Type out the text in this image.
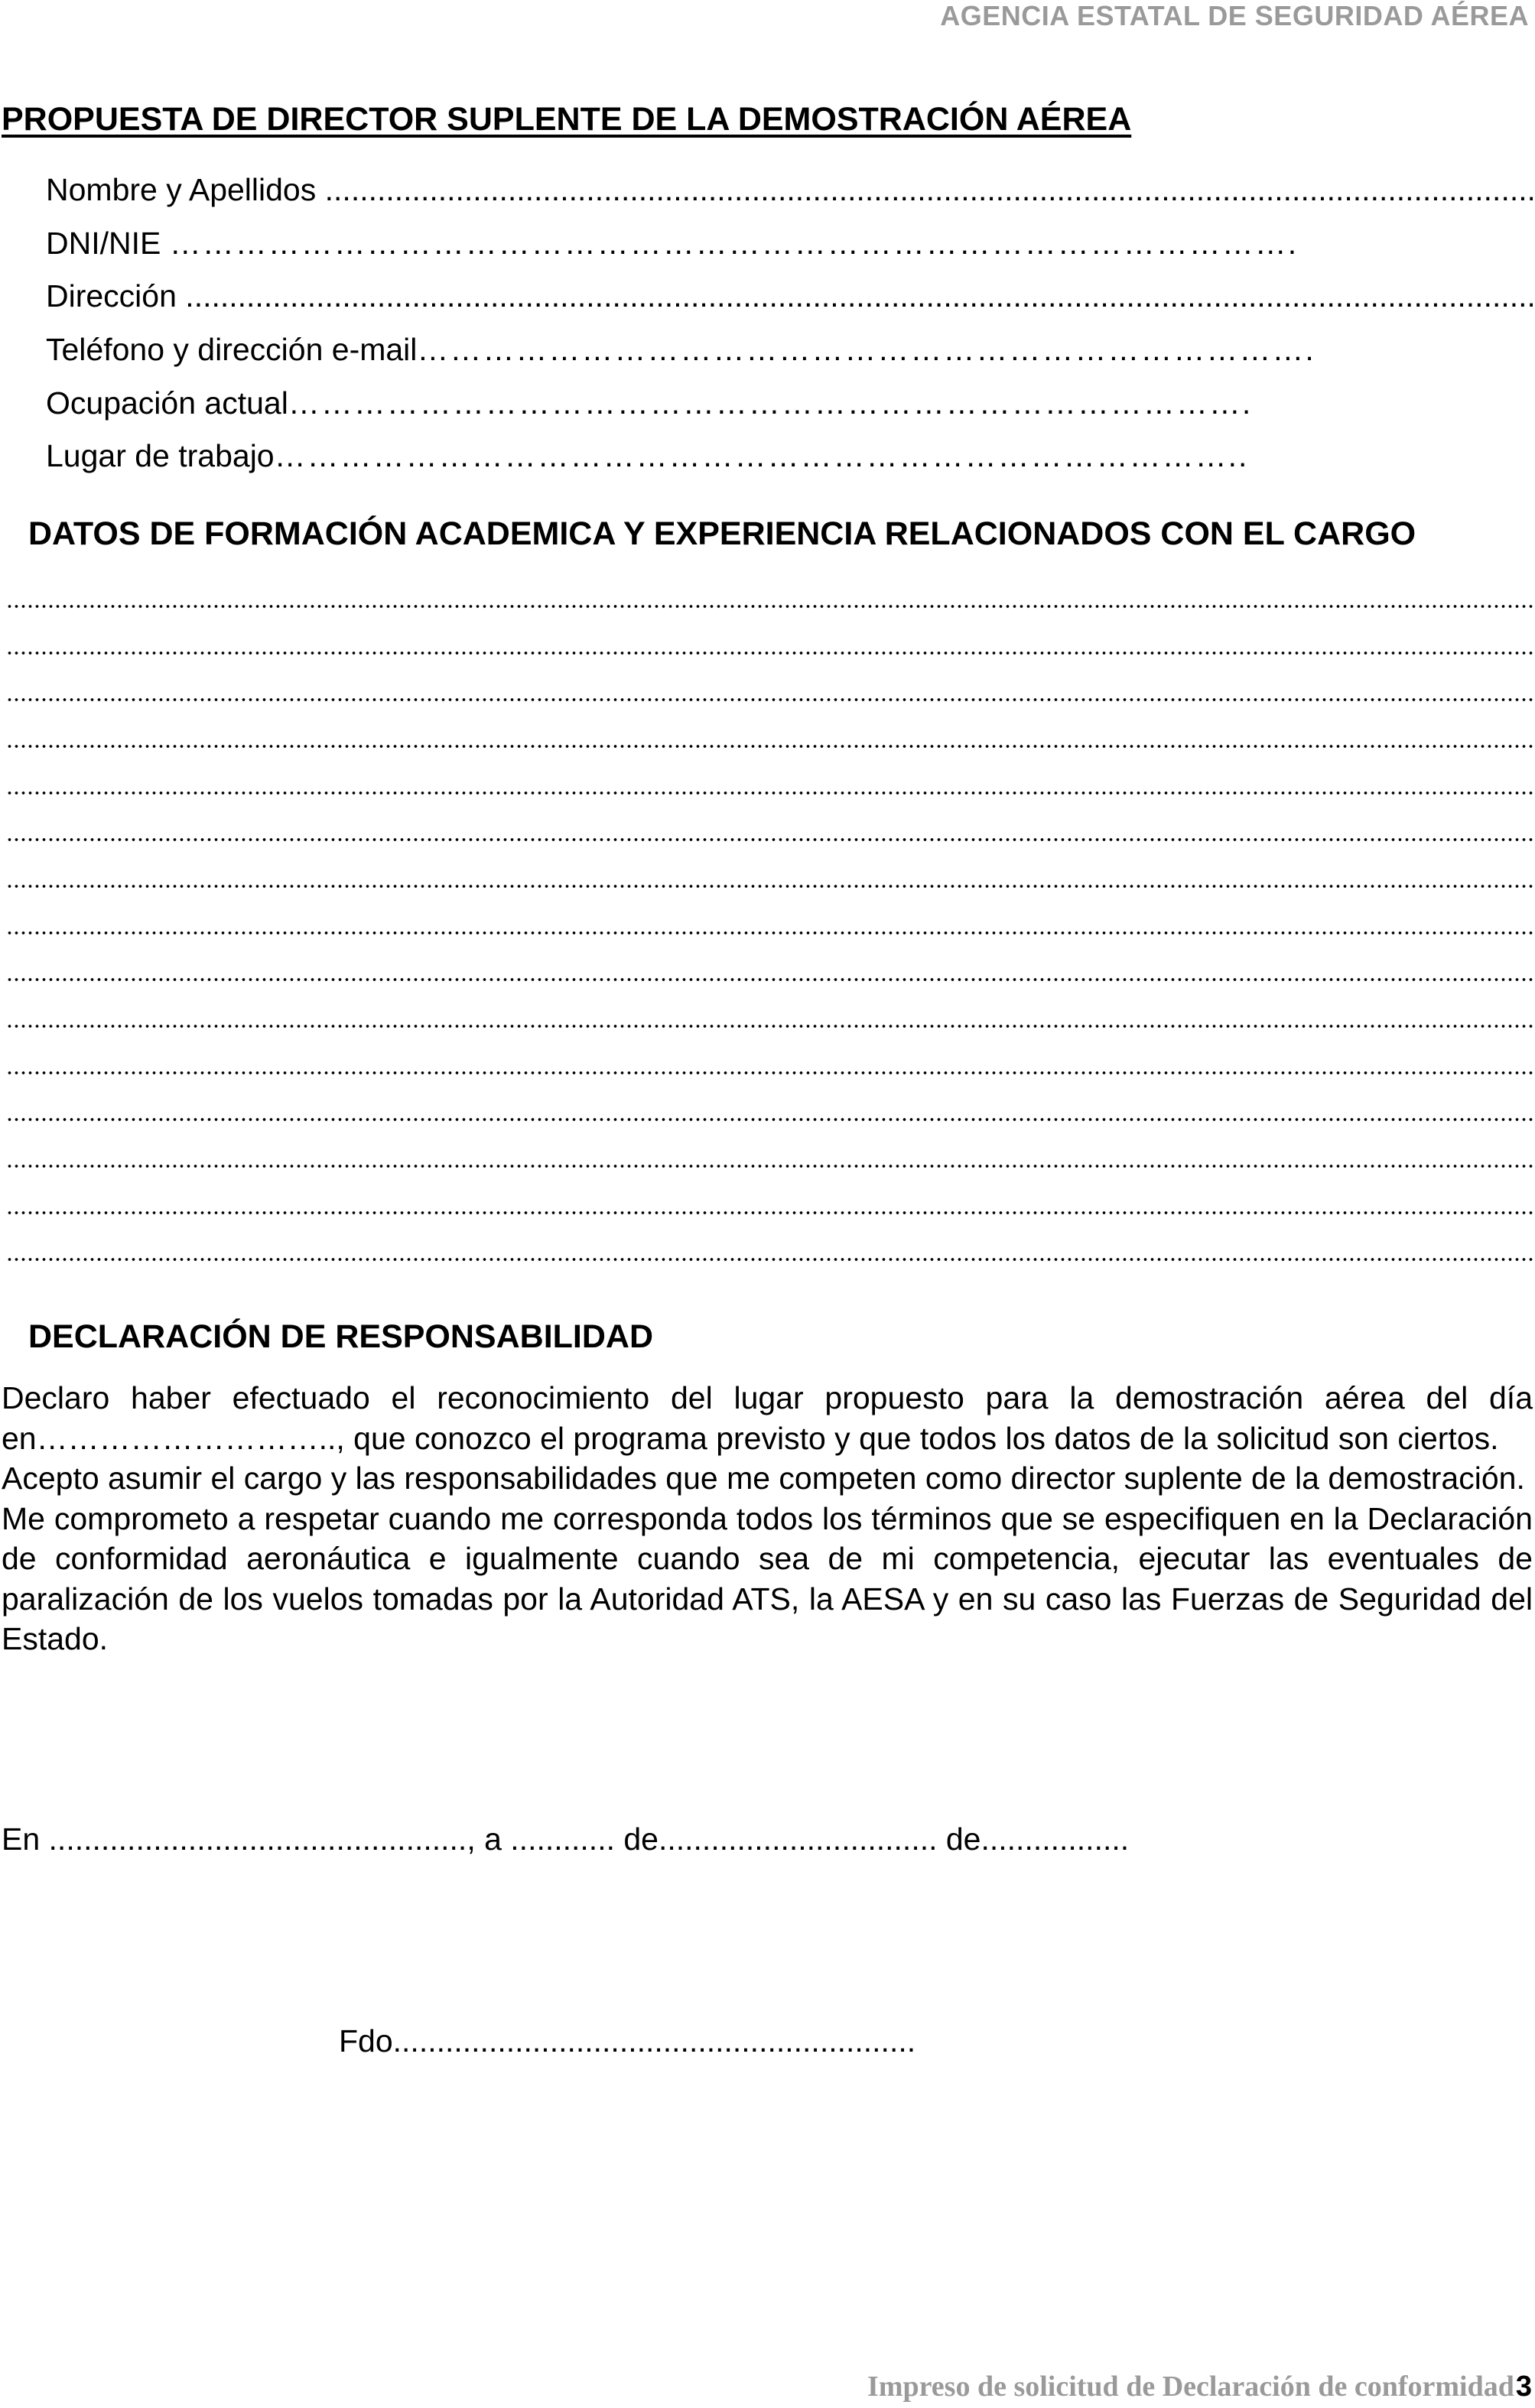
AGENCIA ESTATAL DE SEGURIDAD AÉREA
PROPUESTA DE DIRECTOR SUPLENTE DE LA DEMOSTRACIÓN AÉREA
Nombre y Apellidos .....
DNI/NIE ………………………………………………………………………………………….
Dirección .....
Teléfono y dirección e-mail……………………………………………………………………….
Ocupación actual…………………………………………………………………………….
Lugar de trabajo……………………………………………………………………………..
DATOS DE FORMACIÓN ACADEMICA Y EXPERIENCIA RELACIONADOS CON EL CARGO
DECLARACIÓN DE RESPONSABILIDAD

Declaro haber efectuado el reconocimiento del lugar propuesto para la demostración aérea del día en……………………….., que conozco el programa previsto y que todos los datos de la solicitud son ciertos.

Acepto asumir el cargo y las responsabilidades que me competen como director suplente de la demostración.

Me comprometo a respetar cuando me corresponda todos los términos que se especifiquen en la Declaración de conformidad aeronáutica e igualmente cuando sea de mi competencia, ejecutar las eventuales de paralización de los vuelos tomadas por la Autoridad ATS, la AESA y en su caso las Fuerzas de Seguridad del Estado.

En ................................................, a ............ de................................ de.................
Fdo............................................................
Impreso de solicitud de Declaración de conformidad3
